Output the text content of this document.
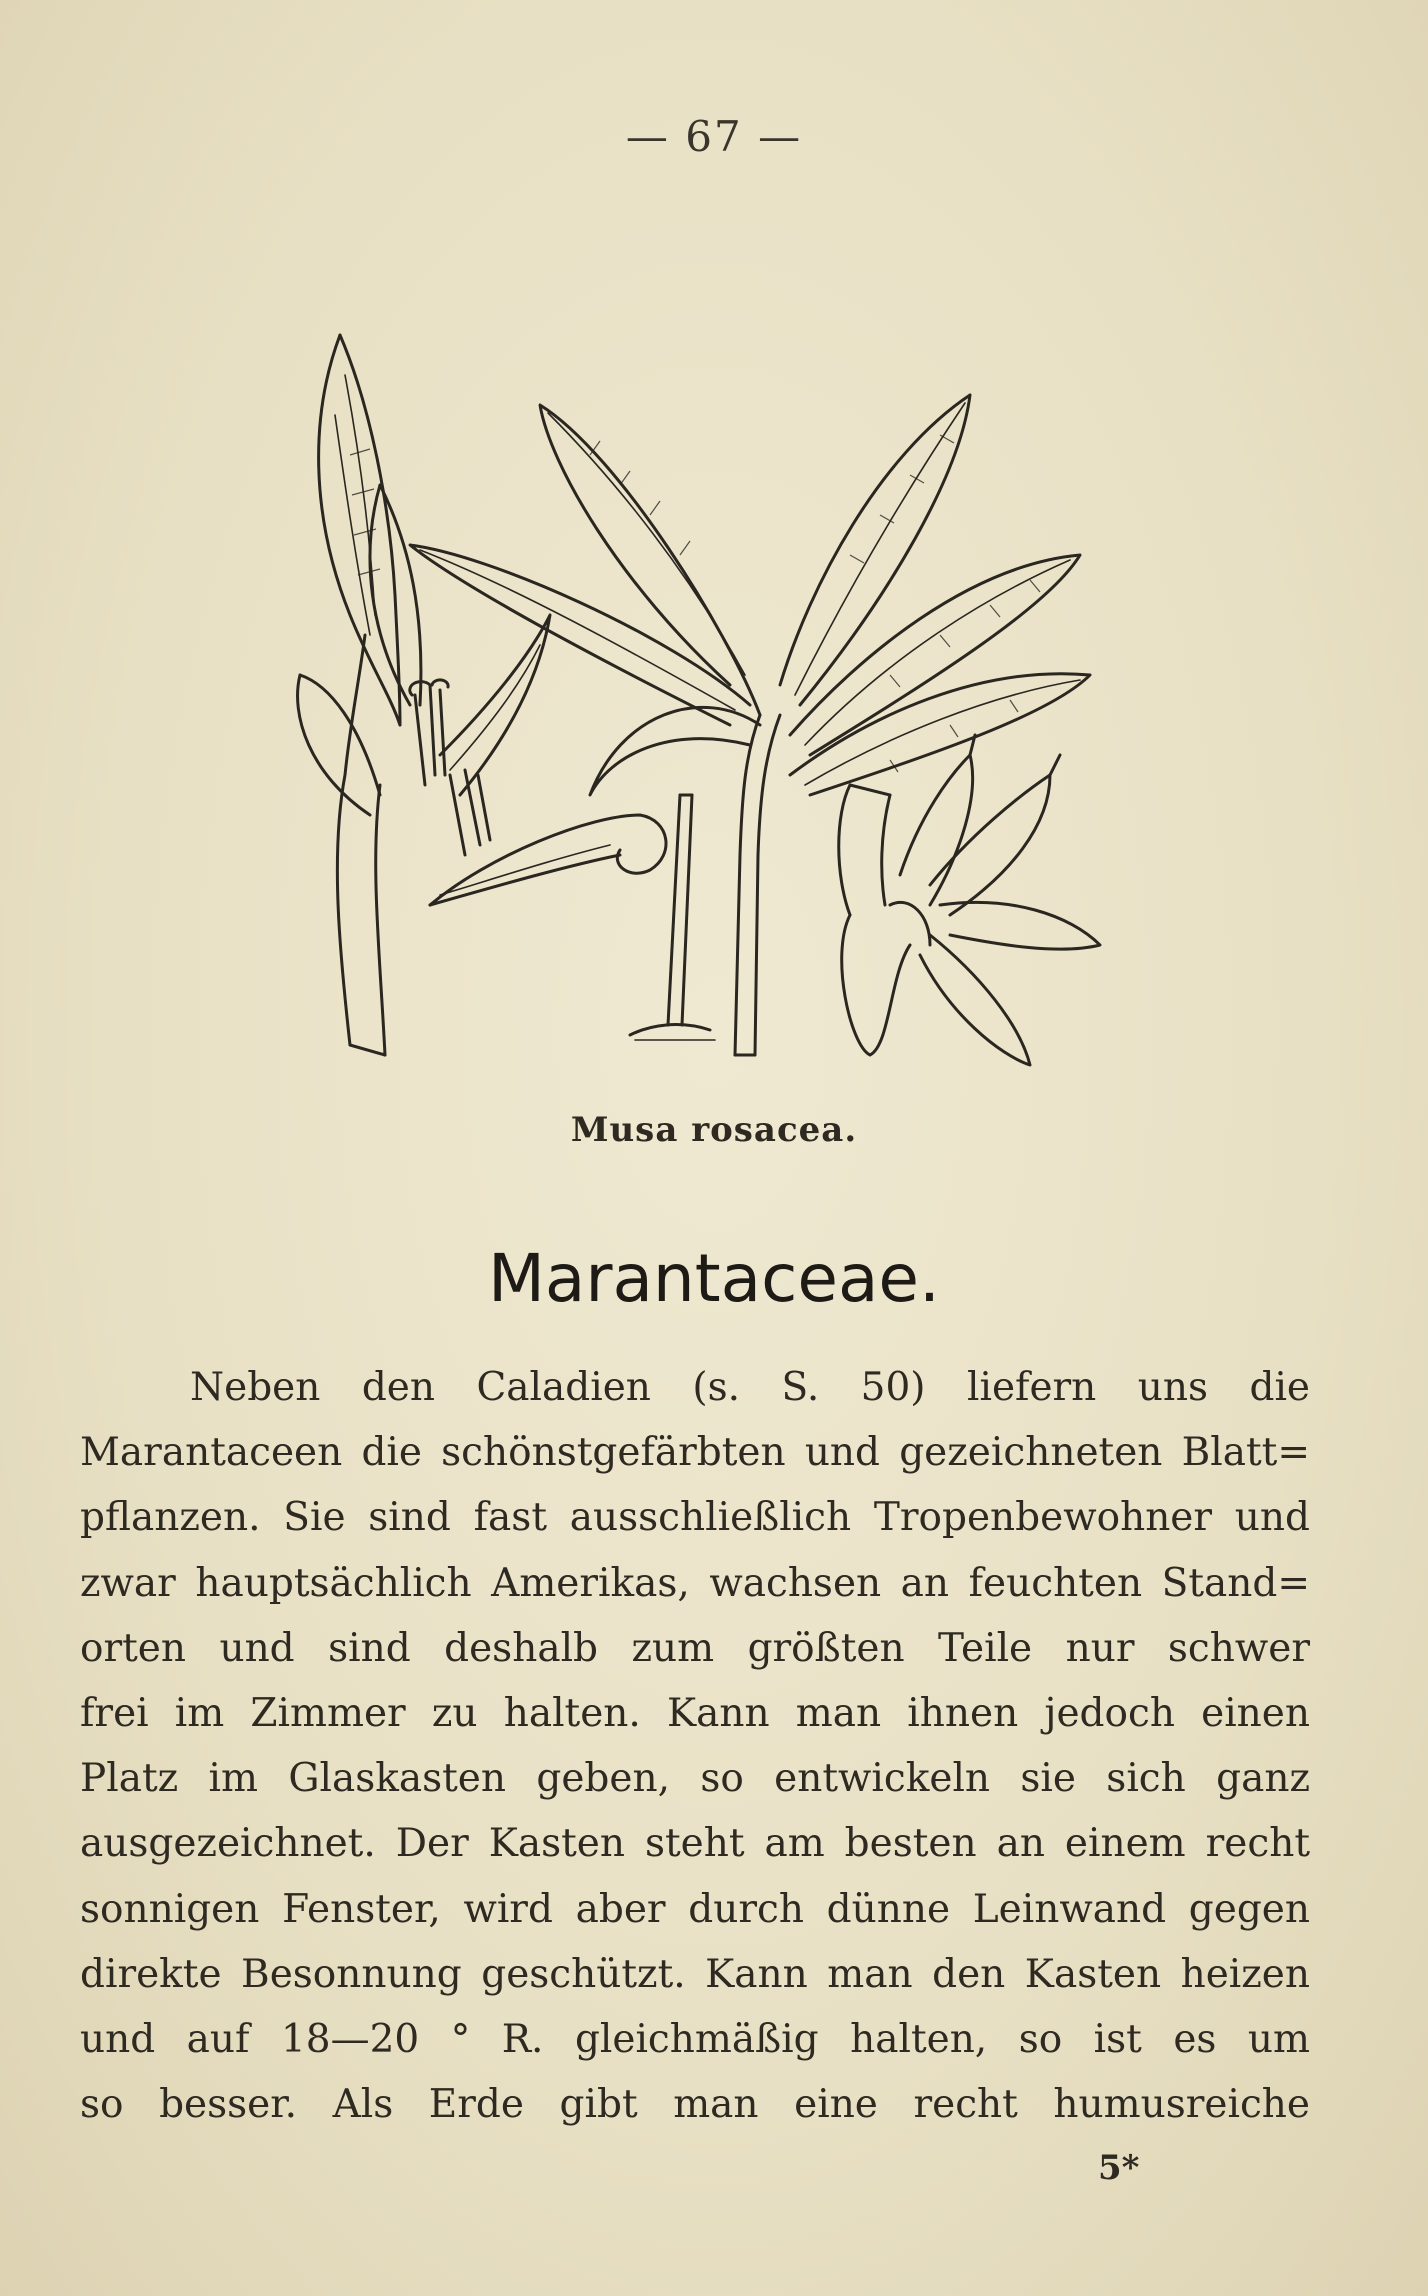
— 67 —
Musa rosacea.
Marantaceae.
Neben den Caladien (s. S. 50) liefern uns die
Marantaceen die schönstgefärbten und gezeichneten Blatt=
pflanzen. Sie sind fast ausschließlich Tropenbewohner und
zwar hauptsächlich Amerikas, wachsen an feuchten Stand=
orten und sind deshalb zum größten Teile nur schwer
frei im Zimmer zu halten. Kann man ihnen jedoch einen
Platz im Glaskasten geben, so entwickeln sie sich ganz
ausgezeichnet. Der Kasten steht am besten an einem recht
sonnigen Fenster, wird aber durch dünne Leinwand gegen
direkte Besonnung geschützt. Kann man den Kasten heizen
und auf 18—20 ° R. gleichmäßig halten, so ist es um
so besser. Als Erde gibt man eine recht humusreiche
5*
